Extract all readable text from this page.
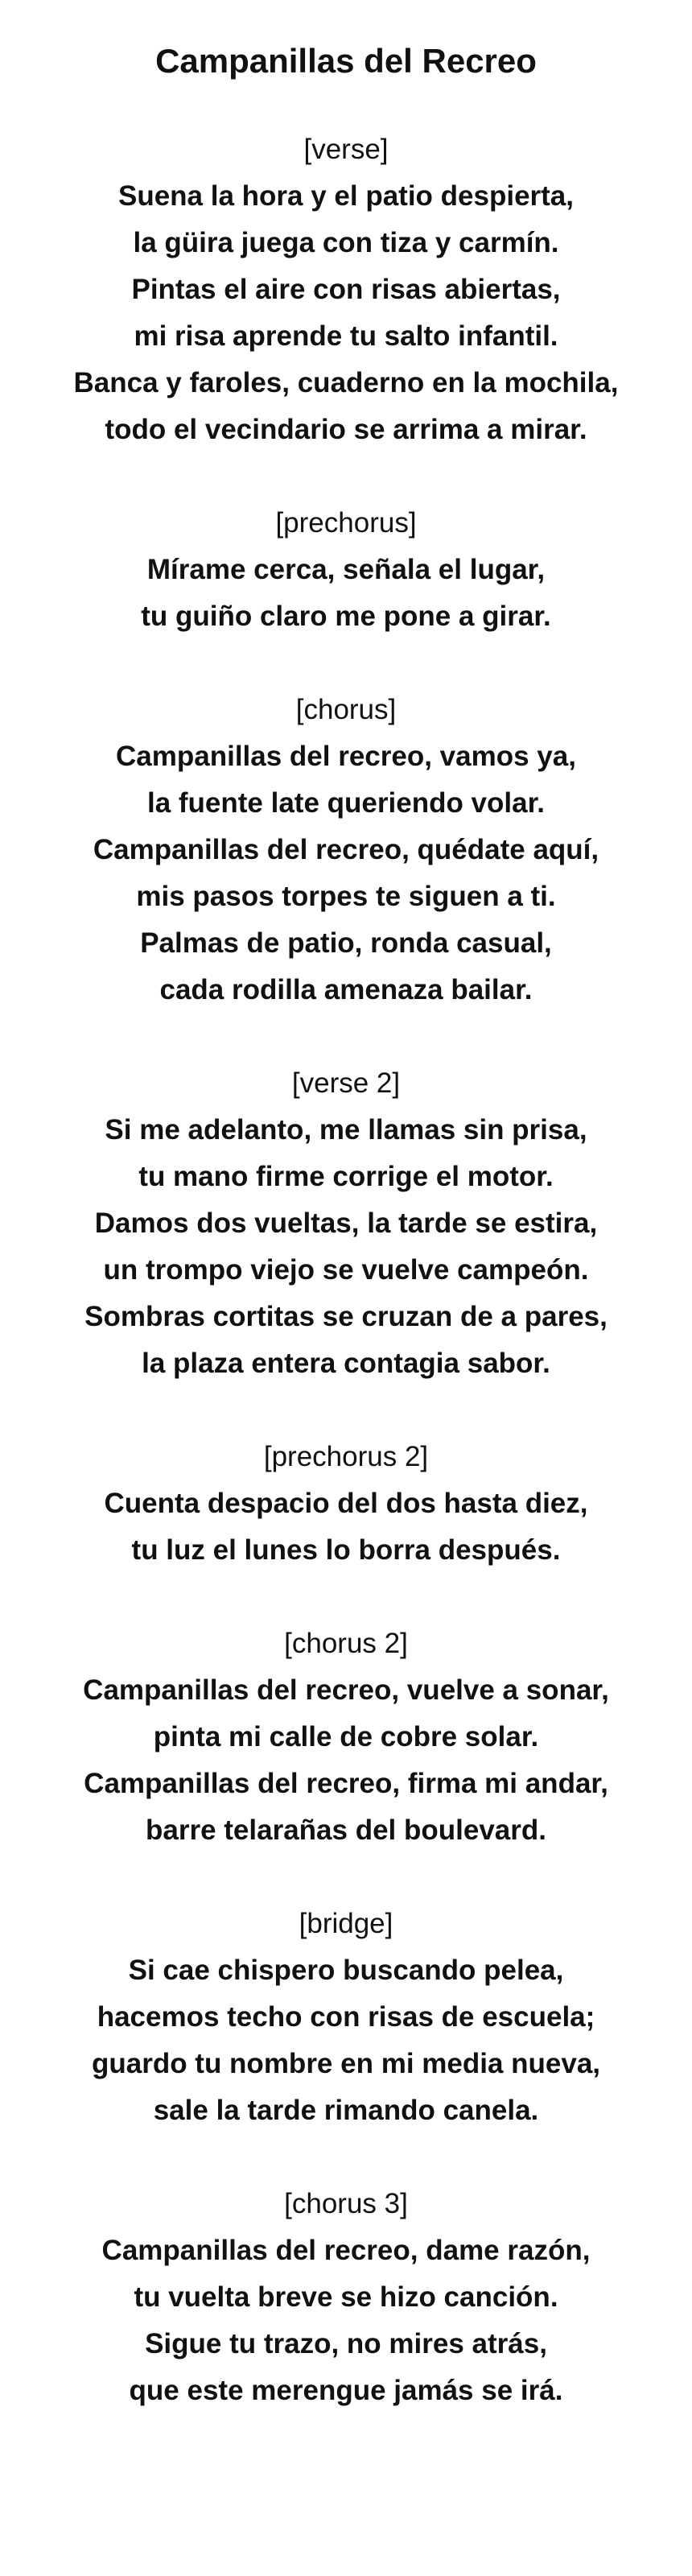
Campanillas del Recreo
[verse]
Suena la hora y el patio despierta,
la güira juega con tiza y carmín.
Pintas el aire con risas abiertas,
mi risa aprende tu salto infantil.
Banca y faroles, cuaderno en la mochila,
todo el vecindario se arrima a mirar.
[prechorus]
Mírame cerca, señala el lugar,
tu guiño claro me pone a girar.
[chorus]
Campanillas del recreo, vamos ya,
la fuente late queriendo volar.
Campanillas del recreo, quédate aquí,
mis pasos torpes te siguen a ti.
Palmas de patio, ronda casual,
cada rodilla amenaza bailar.
[verse 2]
Si me adelanto, me llamas sin prisa,
tu mano firme corrige el motor.
Damos dos vueltas, la tarde se estira,
un trompo viejo se vuelve campeón.
Sombras cortitas se cruzan de a pares,
la plaza entera contagia sabor.
[prechorus 2]
Cuenta despacio del dos hasta diez,
tu luz el lunes lo borra después.
[chorus 2]
Campanillas del recreo, vuelve a sonar,
pinta mi calle de cobre solar.
Campanillas del recreo, firma mi andar,
barre telarañas del boulevard.
[bridge]
Si cae chispero buscando pelea,
hacemos techo con risas de escuela;
guardo tu nombre en mi media nueva,
sale la tarde rimando canela.
[chorus 3]
Campanillas del recreo, dame razón,
tu vuelta breve se hizo canción.
Sigue tu trazo, no mires atrás,
que este merengue jamás se irá.
